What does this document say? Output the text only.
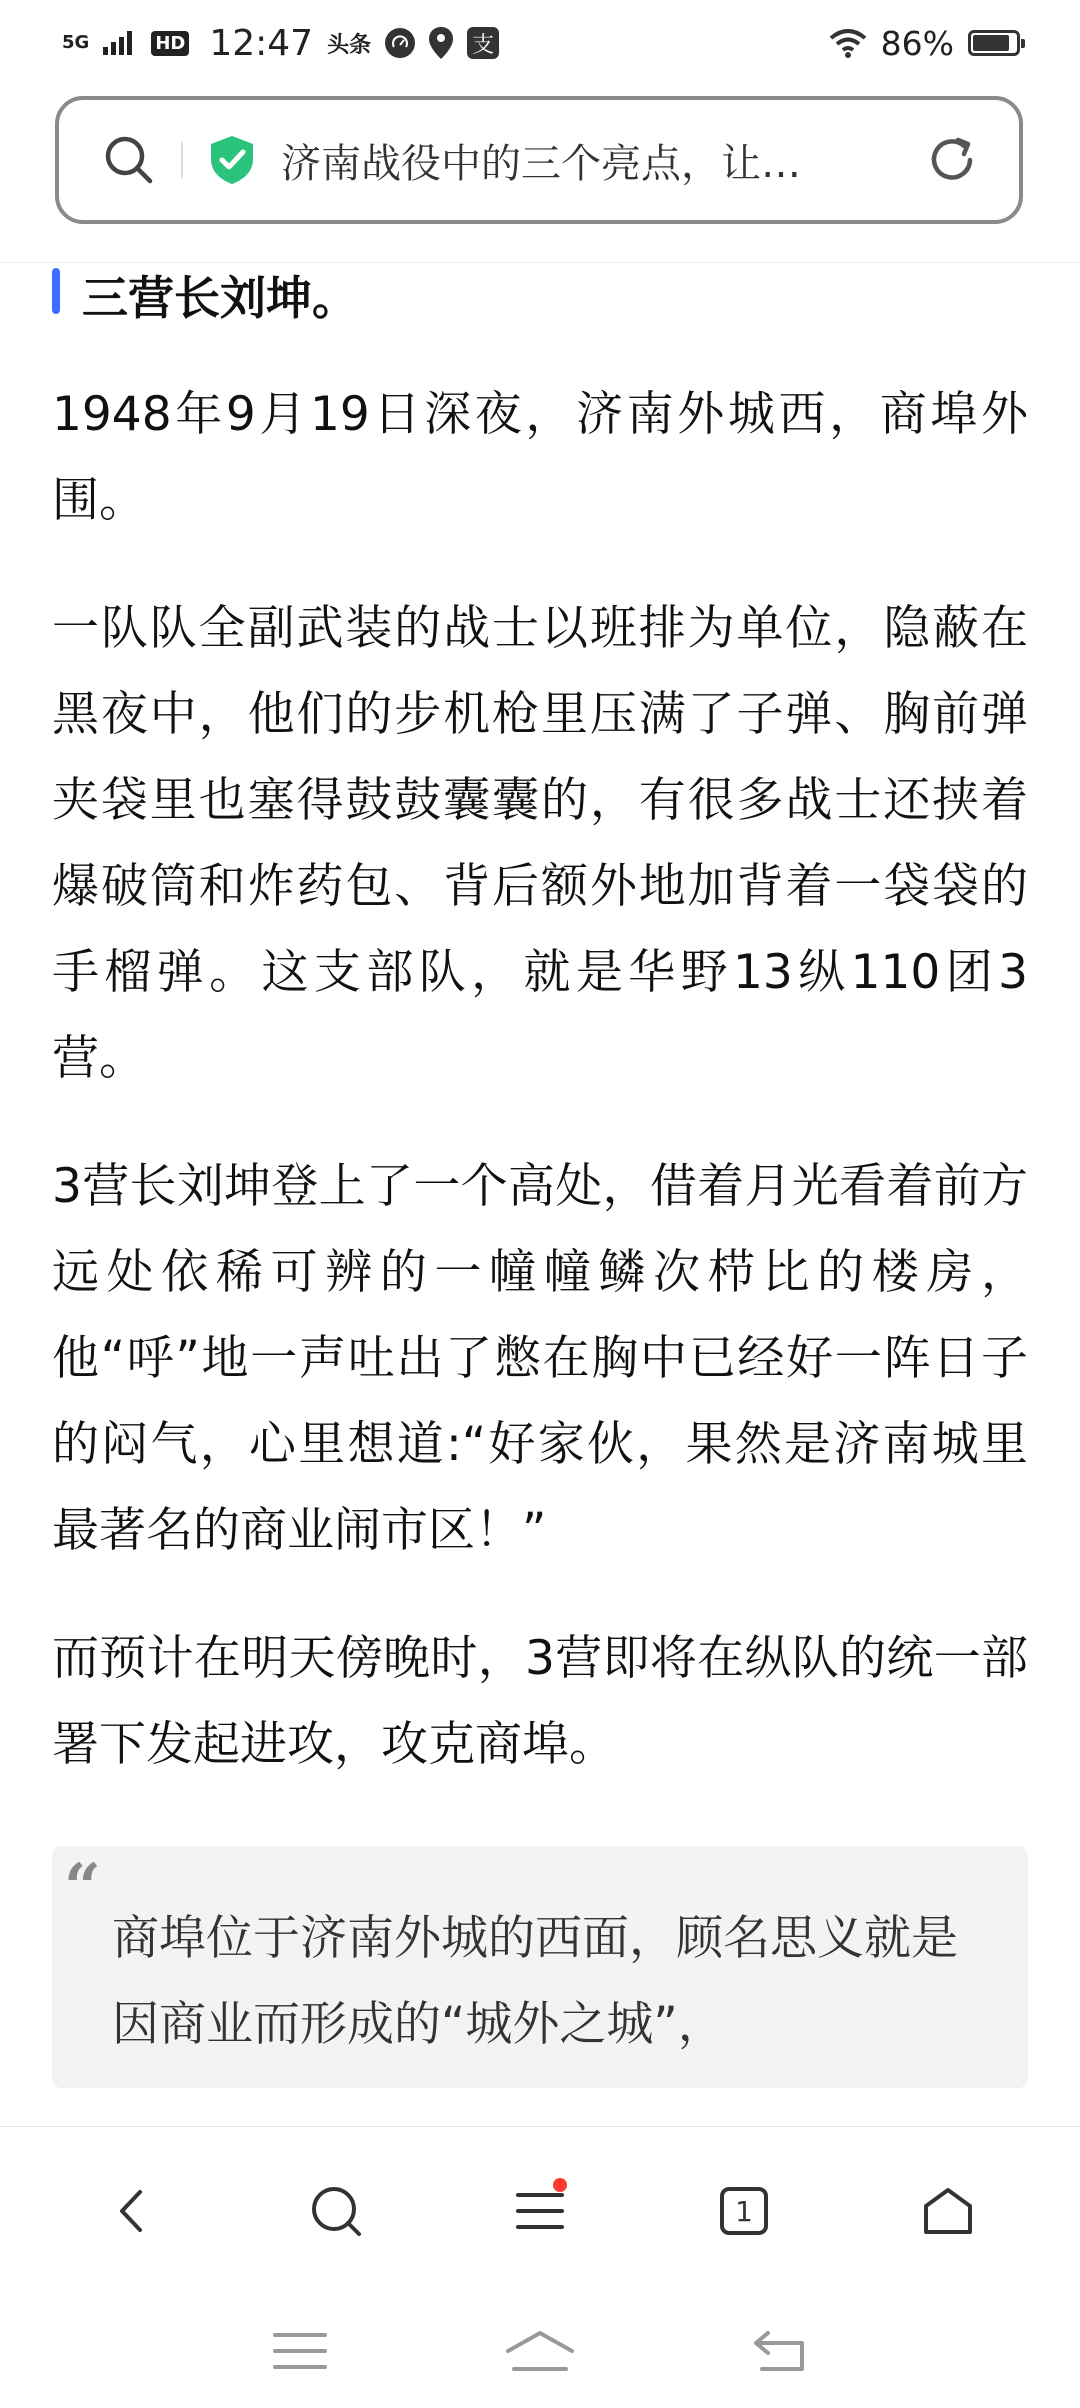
5G	HD 12:47 头条	支	86%
济南战役中的三个亮点，让…
三营长刘坤。

1948年9月19日深夜，济南外城西，商埠外围。

一队队全副武装的战士以班排为单位，隐蔽在黑夜中，他们的步机枪里压满了子弹、胸前弹夹袋里也塞得鼓鼓囊囊的，有很多战士还挟着爆破筒和炸药包、背后额外地加背着一袋袋的手榴弹。这支部队，就是华野13纵110团3营。

3营长刘坤登上了一个高处，借着月光看着前方远处依稀可辨的一幢幢鳞次栉比的楼房，他“呼”地一声吐出了憋在胸中已经好一阵日子的闷气，心里想道:“好家伙，果然是济南城里最著名的商业闹市区！”

而预计在明天傍晚时，3营即将在纵队的统一部署下发起进攻，攻克商埠。

“
商埠位于济南外城的西面，顾名思义就是因商业而形成的“城外之城”，
1
